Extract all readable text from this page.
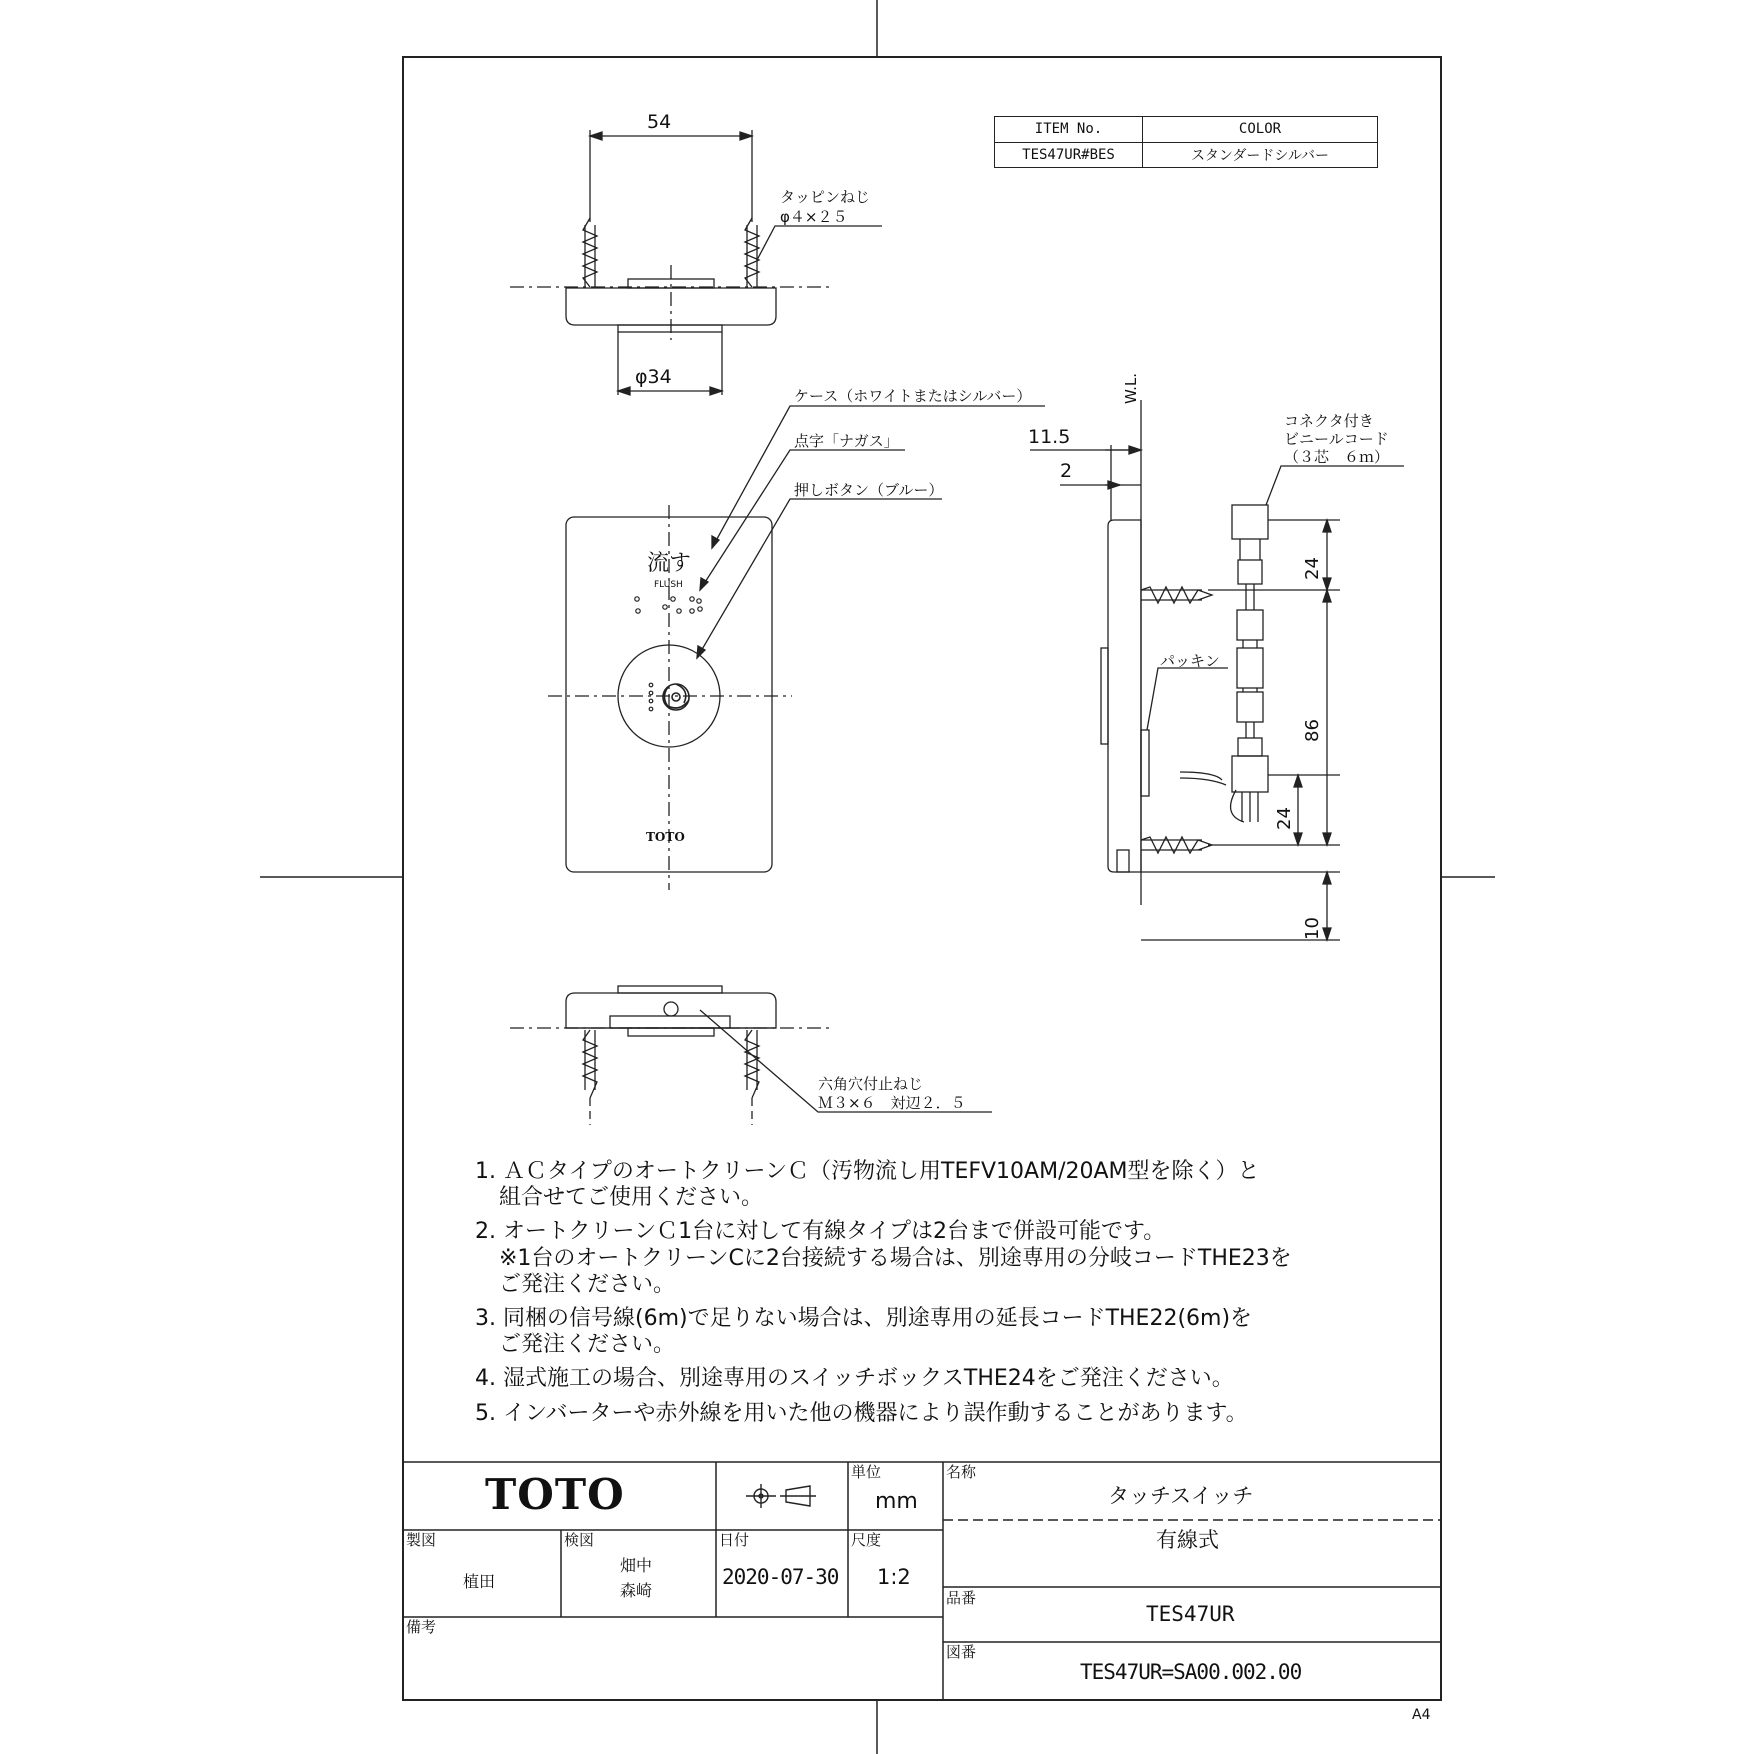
ITEM No.	COLOR
TES47UR#BES	スタンダードシルバー
54
タッピンねじ
φ４×２５
φ34
ケース（ホワイトまたはシルバー）
点字「ナガス」
押しボタン（ブルー）
流す
FLUSH
TOTO
W.L.
11.5
2
コネクタ付き
ビニールコード
（３芯　６ｍ）
パッキン
24
86
24
10
六角穴付止ねじ
Ｍ３×６　対辺２．５
1. ＡＣタイプのオートクリーンＣ（汚物流し用TEFV10AM/20AM型を除く）と
組合せてご使用ください。
2. オートクリーンＣ1台に対して有線タイプは2台まで併設可能です。
※1台のオートクリーンCに2台接続する場合は、別途専用の分岐コードTHE23を
ご発注ください。
3. 同梱の信号線(6m)で足りない場合は、別途専用の延長コードTHE22(6m)を
ご発注ください。
4. 湿式施工の場合、別途専用のスイッチボックスTHE24をご発注ください。
5. インバーターや赤外線を用いた他の機器により誤作動することがあります。
TOTO	単位
mm
名称
タッチスイッチ
有線式
製図
植田
検図
畑中
森崎
日付
2020-07-30
尺度
1:2
品番
TES47UR
備考
図番
TES47UR=SA00.002.00
A4
